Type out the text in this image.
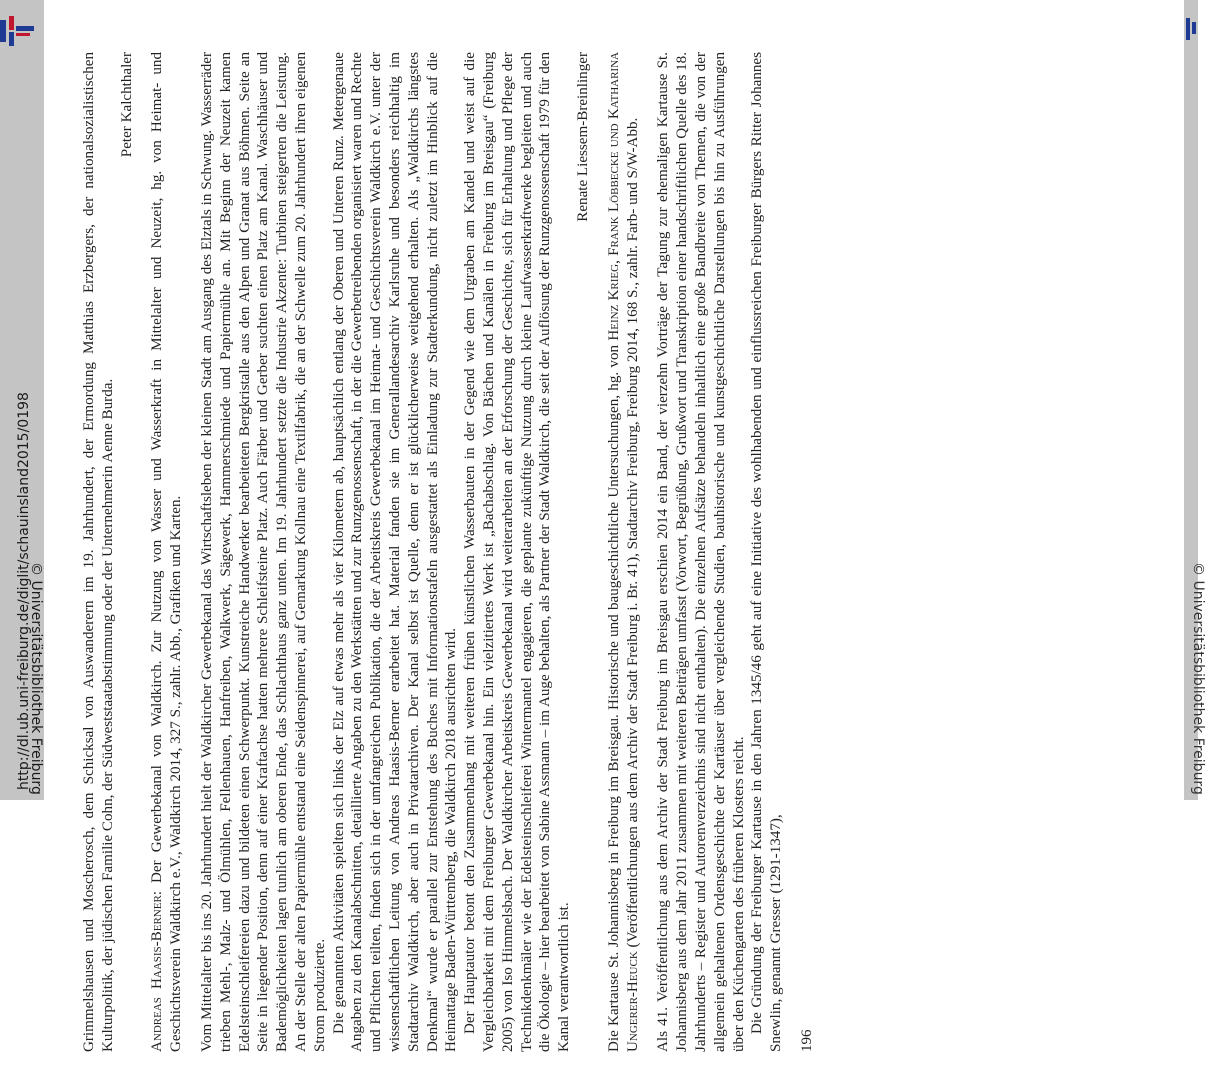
http://dl.ub.uni-freiburg.de/diglit/schauinsland2015/0198
© Universitätsbibliothek Freiburg	© Universitätsbibliothek Freiburg

Grimmelshausen und Moscherosch, dem Schicksal von Auswanderern im 19. Jahrhundert, der Ermordung Matthias Erzbergers, der nationalsozialistischen Kulturpolitik, der jüdischen Familie Cohn, der Südweststaatabstimmung oder der Unternehmerin Aenne Burda.

Peter Kalchthaler

Andreas Haasis-Berner: Der Gewerbekanal von Waldkirch. Zur Nutzung von Wasser und Wasserkraft in Mittelalter und Neuzeit, hg. von Heimat- und Geschichtsverein Waldkirch e.V., Waldkirch 2014, 327 S., zahlr. Abb., Grafiken und Karten. Vom Mittelalter bis ins 20. Jahrhundert hielt der Waldkircher Gewerbekanal das Wirtschaftsleben der kleinen Stadt am Ausgang des Elztals in Schwung. Wasserräder trieben Mehl-, Malz- und Ölmühlen, Fellenhauen, Hanfreiben, Walkwerk, Sägewerk, Hammerschmiede und Papiermühle an. Mit Beginn der Neuzeit kamen Edelsteinschleifereien dazu und bildeten einen Schwerpunkt. Kunstreiche Handwerker bearbeiteten Bergkristalle aus den Alpen und Granat aus Böhmen. Seite an Seite in liegender Position, denn auf einer Kraftachse hatten mehrere Schleifsteine Platz. Auch Färber und Gerber suchten einen Platz am Kanal. Waschhäuser und Bademöglichkeiten lagen tunlich am oberen Ende, das Schlachthaus ganz unten. Im 19. Jahrhundert setzte die Industrie Akzente: Turbinen steigerten die Leistung. An der Stelle der alten Papiermühle entstand eine Seidenspinnerei, auf Gemarkung Kollnau eine Textilfabrik, die an der Schwelle zum 20. Jahrhundert ihren eigenen Strom produzierte. Die genannten Aktivitäten spielten sich links der Elz auf etwas mehr als vier Kilometern ab, hauptsächlich entlang der Oberen und Unteren Runz. Metergenaue Angaben zu den Kanalabschnitten, detaillierte Angaben zu den Werkstätten und zur Runzgenossenschaft, in der die Gewerbetreibenden organisiert waren und Rechte und Pflichten teilten, finden sich in der umfangreichen Publikation, die der Arbeitskreis Gewerbekanal im Heimat- und Geschichtsverein Waldkirch e.V. unter der wissenschaftlichen Leitung von Andreas Haasis-Berner erarbeitet hat. Material fanden sie im Generallandesarchiv Karlsruhe und besonders reichhaltig im Stadtarchiv Waldkirch, aber auch in Privatarchiven. Der Kanal selbst ist Quelle, denn er ist glücklicherweise weitgehend erhalten. Als „Waldkirchs längstes Denkmal“ wurde er parallel zur Entstehung des Buches mit Informationstafeln ausgestattet als Einladung zur Stadterkundung, nicht zuletzt im Hinblick auf die Heimattage Baden-Württemberg, die Waldkirch 2018 ausrichten wird. Der Hauptautor betont den Zusammenhang mit weiteren frühen künstlichen Wasserbauten in der Gegend wie dem Urgraben am Kandel und weist auf die Vergleichbarkeit mit dem Freiburger Gewerbekanal hin. Ein vielzitiertes Werk ist „Bachabschlag. Von Bächen und Kanälen in Freiburg im Breisgau“ (Freiburg 2005) von Iso Himmelsbach. Der Waldkircher Arbeitskreis Gewerbekanal wird weiterarbeiten an der Erforschung der Geschichte, sich für Erhaltung und Pflege der Technikdenkmäler wie der Edelsteinschleiferei Wintermantel engagieren, die geplante zukünftige Nutzung durch kleine Laufwasserkraftwerke begleiten und auch die Ökologie – hier bearbeitet von Sabine Assmann – im Auge behalten, als Partner der Stadt Waldkirch, die seit der Auflösung der Runzgenossenschaft 1979 für den Kanal verantwortlich ist.

Renate Liessem-Breinlinger

Die Kartause St. Johannisberg in Freiburg im Breisgau. Historische und baugeschichtliche Untersuchungen, hg. von Heinz Krieg, Frank Löbbecke und Katharina Ungerer-Heuck (Veröffentlichungen aus dem Archiv der Stadt Freiburg i. Br. 41), Stadtarchiv Freiburg, Freiburg 2014, 168 S., zahlr. Farb- und S/W-Abb. Als 41. Veröffentlichung aus dem Archiv der Stadt Freiburg im Breisgau erschien 2014 ein Band, der vierzehn Vorträge der Tagung zur ehemaligen Kartause St. Johannisberg aus dem Jahr 2011 zusammen mit weiteren Beiträgen umfasst (Vorwort, Begrüßung, Grußwort und Transkription einer handschriftlichen Quelle des 18. Jahrhunderts – Register und Autorenverzeichnis sind nicht enthalten). Die einzelnen Aufsätze behandeln inhaltlich eine große Bandbreite von Themen, die von der allgemein gehaltenen Ordensgeschichte der Kartäuser über vergleichende Studien, bauhistorische und kunstgeschichtliche Darstellungen bis hin zu Ausführungen über den Küchengarten des früheren Klosters reicht. Die Gründung der Freiburger Kartause in den Jahren 1345/46 geht auf eine Initiative des wohlhabenden und einflussreichen Freiburger Bürgers Ritter Johannes Snewlin, genannt Gresser (1291-1347), 196
